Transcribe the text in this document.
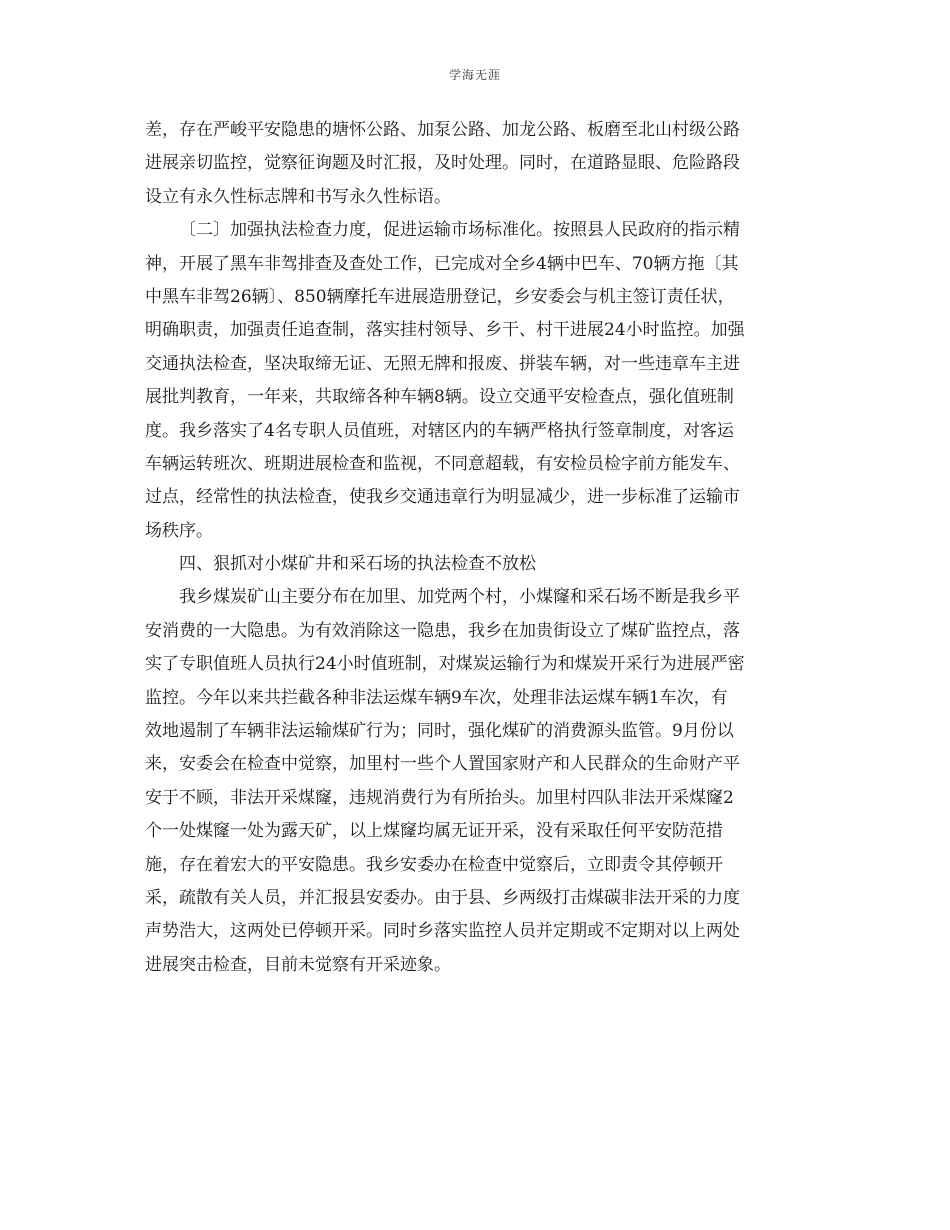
学海无涯
差，存在严峻平安隐患的塘怀公路、加泵公路、加龙公路、板磨至北山村级公路
进展亲切监控，觉察征询题及时汇报，及时处理。同时，在道路显眼、危险路段
设立有永久性标志牌和书写永久性标语。
〔二〕加强执法检查力度，促进运输市场标准化。按照县人民政府的指示精
神，开展了黑车非驾排查及查处工作，已完成对全乡4辆中巴车、70辆方拖〔其
中黑车非驾26辆〕、850辆摩托车进展造册登记，乡安委会与机主签订责任状，
明确职责，加强责任追查制，落实挂村领导、乡干、村干进展24小时监控。加强
交通执法检查，坚决取缔无证、无照无牌和报废、拼装车辆，对一些违章车主进
展批判教育，一年来，共取缔各种车辆8辆。设立交通平安检查点，强化值班制
度。我乡落实了4名专职人员值班，对辖区内的车辆严格执行签章制度，对客运
车辆运转班次、班期进展检查和监视，不同意超载，有安检员检字前方能发车、
过点，经常性的执法检查，使我乡交通违章行为明显减少，进一步标准了运输市
场秩序。
四、狠抓对小煤矿井和采石场的执法检查不放松
我乡煤炭矿山主要分布在加里、加党两个村，小煤窿和采石场不断是我乡平
安消费的一大隐患。为有效消除这一隐患，我乡在加贵街设立了煤矿监控点，落
实了专职值班人员执行24小时值班制，对煤炭运输行为和煤炭开采行为进展严密
监控。今年以来共拦截各种非法运煤车辆9车次，处理非法运煤车辆1车次，有
效地遏制了车辆非法运输煤矿行为；同时，强化煤矿的消费源头监管。9月份以
来，安委会在检查中觉察，加里村一些个人置国家财产和人民群众的生命财产平
安于不顾，非法开采煤窿，违规消费行为有所抬头。加里村四队非法开采煤窿2
个一处煤窿一处为露天矿，以上煤窿均属无证开采，没有采取任何平安防范措
施，存在着宏大的平安隐患。我乡安委办在检查中觉察后，立即责令其停顿开
采，疏散有关人员，并汇报县安委办。由于县、乡两级打击煤碳非法开采的力度
声势浩大，这两处已停顿开采。同时乡落实监控人员并定期或不定期对以上两处
进展突击检查，目前未觉察有开采迹象。
